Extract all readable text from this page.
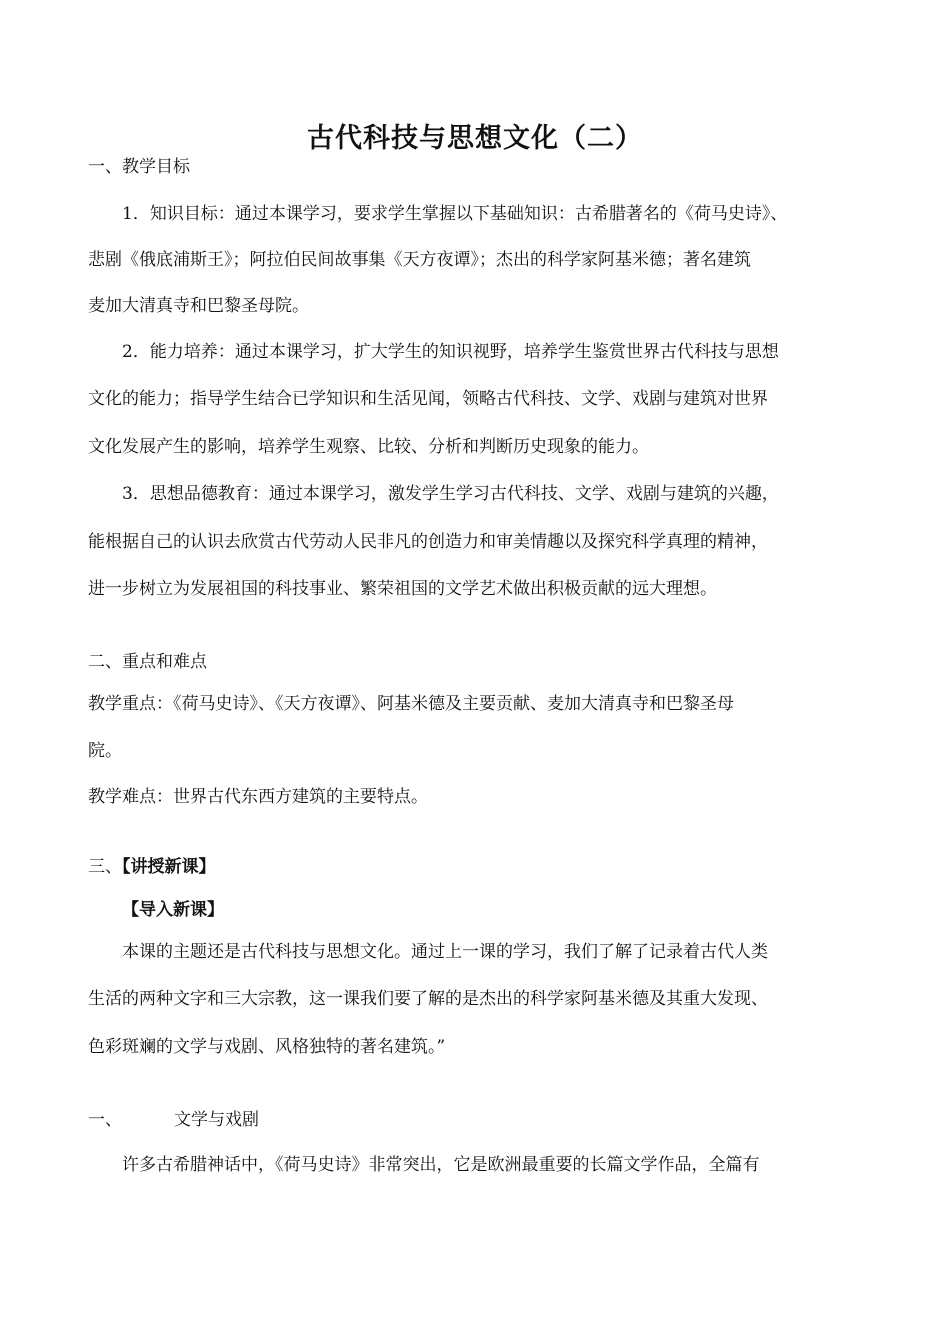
古代科技与思想文化（二）
一、教学目标
1．知识目标：通过本课学习，要求学生掌握以下基础知识：古希腊著名的《荷马史诗》、
悲剧《俄底浦斯王》；阿拉伯民间故事集《天方夜谭》；杰出的科学家阿基米德；著名建筑
麦加大清真寺和巴黎圣母院。
2．能力培养：通过本课学习，扩大学生的知识视野，培养学生鉴赏世界古代科技与思想
文化的能力；指导学生结合已学知识和生活见闻，领略古代科技、文学、戏剧与建筑对世界
文化发展产生的影响，培养学生观察、比较、分析和判断历史现象的能力。
3．思想品德教育：通过本课学习，激发学生学习古代科技、文学、戏剧与建筑的兴趣，
能根据自己的认识去欣赏古代劳动人民非凡的创造力和审美情趣以及探究科学真理的精神，
进一步树立为发展祖国的科技事业、繁荣祖国的文学艺术做出积极贡献的远大理想。
二、重点和难点
教学重点：《荷马史诗》、《天方夜谭》、阿基米德及主要贡献、麦加大清真寺和巴黎圣母
院。
教学难点：世界古代东西方建筑的主要特点。
三、【讲授新课】
【导入新课】
本课的主题还是古代科技与思想文化。通过上一课的学习，我们了解了记录着古代人类
生活的两种文字和三大宗教，这一课我们要了解的是杰出的科学家阿基米德及其重大发现、
色彩斑斓的文学与戏剧、风格独特的著名建筑。”
一、	文学与戏剧
许多古希腊神话中，《荷马史诗》非常突出，它是欧洲最重要的长篇文学作品，全篇有
